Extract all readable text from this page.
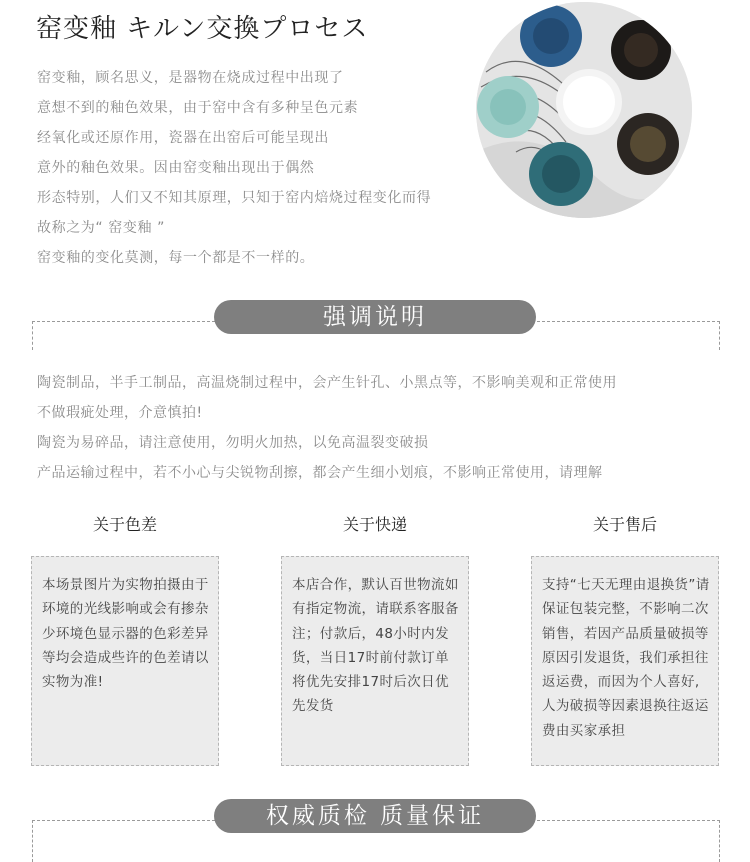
窑变釉 キルン交換プロセス

窑变釉，顾名思义，是器物在烧成过程中出现了

意想不到的釉色效果，由于窑中含有多种呈色元素

经氧化或还原作用，瓷器在出窑后可能呈现出

意外的釉色效果。因由窑变釉出现出于偶然

形态特别，人们又不知其原理，只知于窑内焙烧过程变化而得

故称之为“ 窑变釉 ”

窑变釉的变化莫测，每一个都是不一样的。

强调说明

陶瓷制品，半手工制品，高温烧制过程中，会产生针孔、小黑点等，不影响美观和正常使用

不做瑕疵处理，介意慎拍!

陶瓷为易碎品，请注意使用，勿明火加热，以免高温裂变破损

产品运输过程中，若不小心与尖锐物刮擦，都会产生细小划痕，不影响正常使用，请理解

关于色差	关于快递	关于售后
本场景图片为实物拍摄由于环境的光线影响或会有掺杂少环境色显示器的色彩差异等均会造成些许的色差请以实物为准!
本店合作，默认百世物流如有指定物流，请联系客服备注；付款后，48小时内发货，当日17时前付款订单将优先安排17时后次日优先发货
支持“七天无理由退换货”请保证包装完整，不影响二次销售，若因产品质量破损等原因引发退货，我们承担往返运费，而因为个人喜好,人为破损等因素退换往返运费由买家承担
权威质检 质量保证
